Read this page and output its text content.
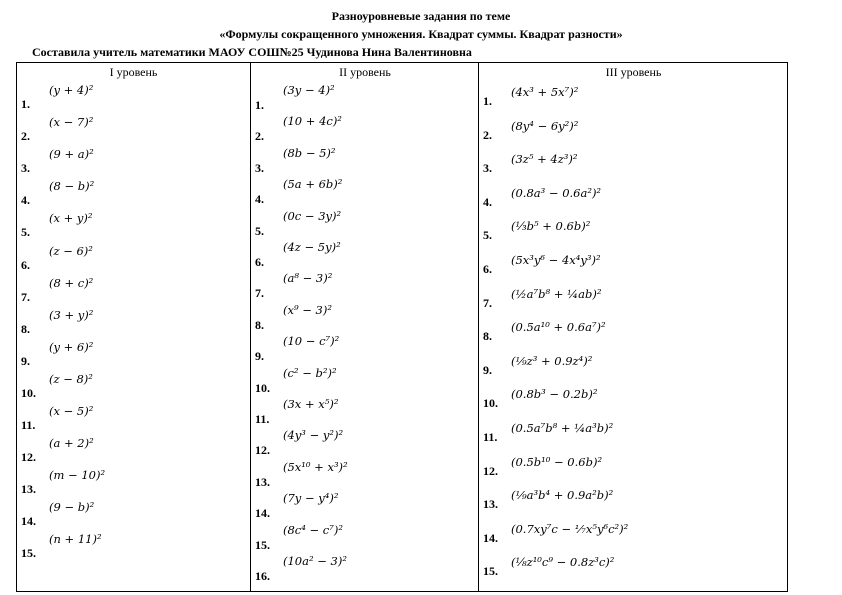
Разноуровневые задания по теме
«Формулы сокращенного умножения. Квадрат суммы. Квадрат разности»
Составила учитель математики МАОУ СОШ№25 Чудинова Нина Валентиновна
I уровень
(y + 4)²
1.
(x − 7)²
2.
(9 + a)²
3.
(8 − b)²
4.
(x + y)²
5.
(z − 6)²
6.
(8 + c)²
7.
(3 + y)²
8.
(y + 6)²
9.
(z − 8)²
10.
(x − 5)²
11.
(a + 2)²
12.
(m − 10)²
13.
(9 − b)²
14.
(n + 11)²
15.
II уровень
(3y − 4)²
1.
(10 + 4c)²
2.
(8b − 5)²
3.
(5a + 6b)²
4.
(0c − 3y)²
5.
(4z − 5y)²
6.
(a⁸ − 3)²
7.
(x⁹ − 3)²
8.
(10 − c⁷)²
9.
(c² − b²)²
10.
(3x + x⁵)²
11.
(4y³ − y²)²
12.
(5x¹⁰ + x³)²
13.
(7y − y⁴)²
14.
(8c⁴ − c⁷)²
15.
(10a² − 3)²
16.
III уровень
(4x³ + 5x⁷)²
1.
(8y⁴ − 6y²)²
2.
(3z⁵ + 4z³)²
3.
(0.8a³ − 0.6a²)²
4.
(⅓b⁵ + 0.6b)²
5.
(5x³y⁶ − 4x⁴y³)²
6.
(½a⁷b⁸ + ¼ab)²
7.
(0.5a¹⁰ + 0.6a⁷)²
8.
(⅑z³ + 0.9z⁴)²
9.
(0.8b³ − 0.2b)²
10.
(0.5a⁷b⁸ + ¼a³b)²
11.
(0.5b¹⁰ − 0.6b)²
12.
(⅑a³b⁴ + 0.9a²b)²
13.
(0.7xy⁷c − ⅐x⁵y⁶c²)²
14.
(⅛z¹⁰c⁹ − 0.8z³c)²
15.
